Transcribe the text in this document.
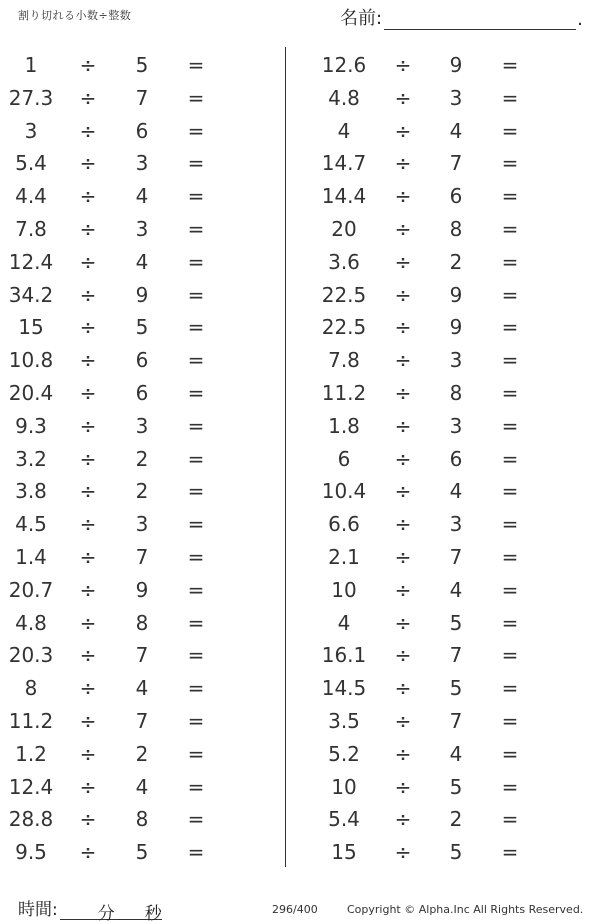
割り切れる小数÷整数	名前:	.
1	÷	5	=
27.3	÷	7	=
3	÷	6	=
5.4	÷	3	=
4.4	÷	4	=
7.8	÷	3	=
12.4	÷	4	=
34.2	÷	9	=
15	÷	5	=
10.8	÷	6	=
20.4	÷	6	=
9.3	÷	3	=
3.2	÷	2	=
3.8	÷	2	=
4.5	÷	3	=
1.4	÷	7	=
20.7	÷	9	=
4.8	÷	8	=
20.3	÷	7	=
8	÷	4	=
11.2	÷	7	=
1.2	÷	2	=
12.4	÷	4	=
28.8	÷	8	=
9.5	÷	5	=
12.6	÷	9	=
4.8	÷	3	=
4	÷	4	=
14.7	÷	7	=
14.4	÷	6	=
20	÷	8	=
3.6	÷	2	=
22.5	÷	9	=
22.5	÷	9	=
7.8	÷	3	=
11.2	÷	8	=
1.8	÷	3	=
6	÷	6	=
10.4	÷	4	=
6.6	÷	3	=
2.1	÷	7	=
10	÷	4	=
4	÷	5	=
16.1	÷	7	=
14.5	÷	5	=
3.5	÷	7	=
5.2	÷	4	=
10	÷	5	=
5.4	÷	2	=
15	÷	5	=
時間: 分 秒	296/400	Copyright © Alpha.Inc All Rights Reserved.
